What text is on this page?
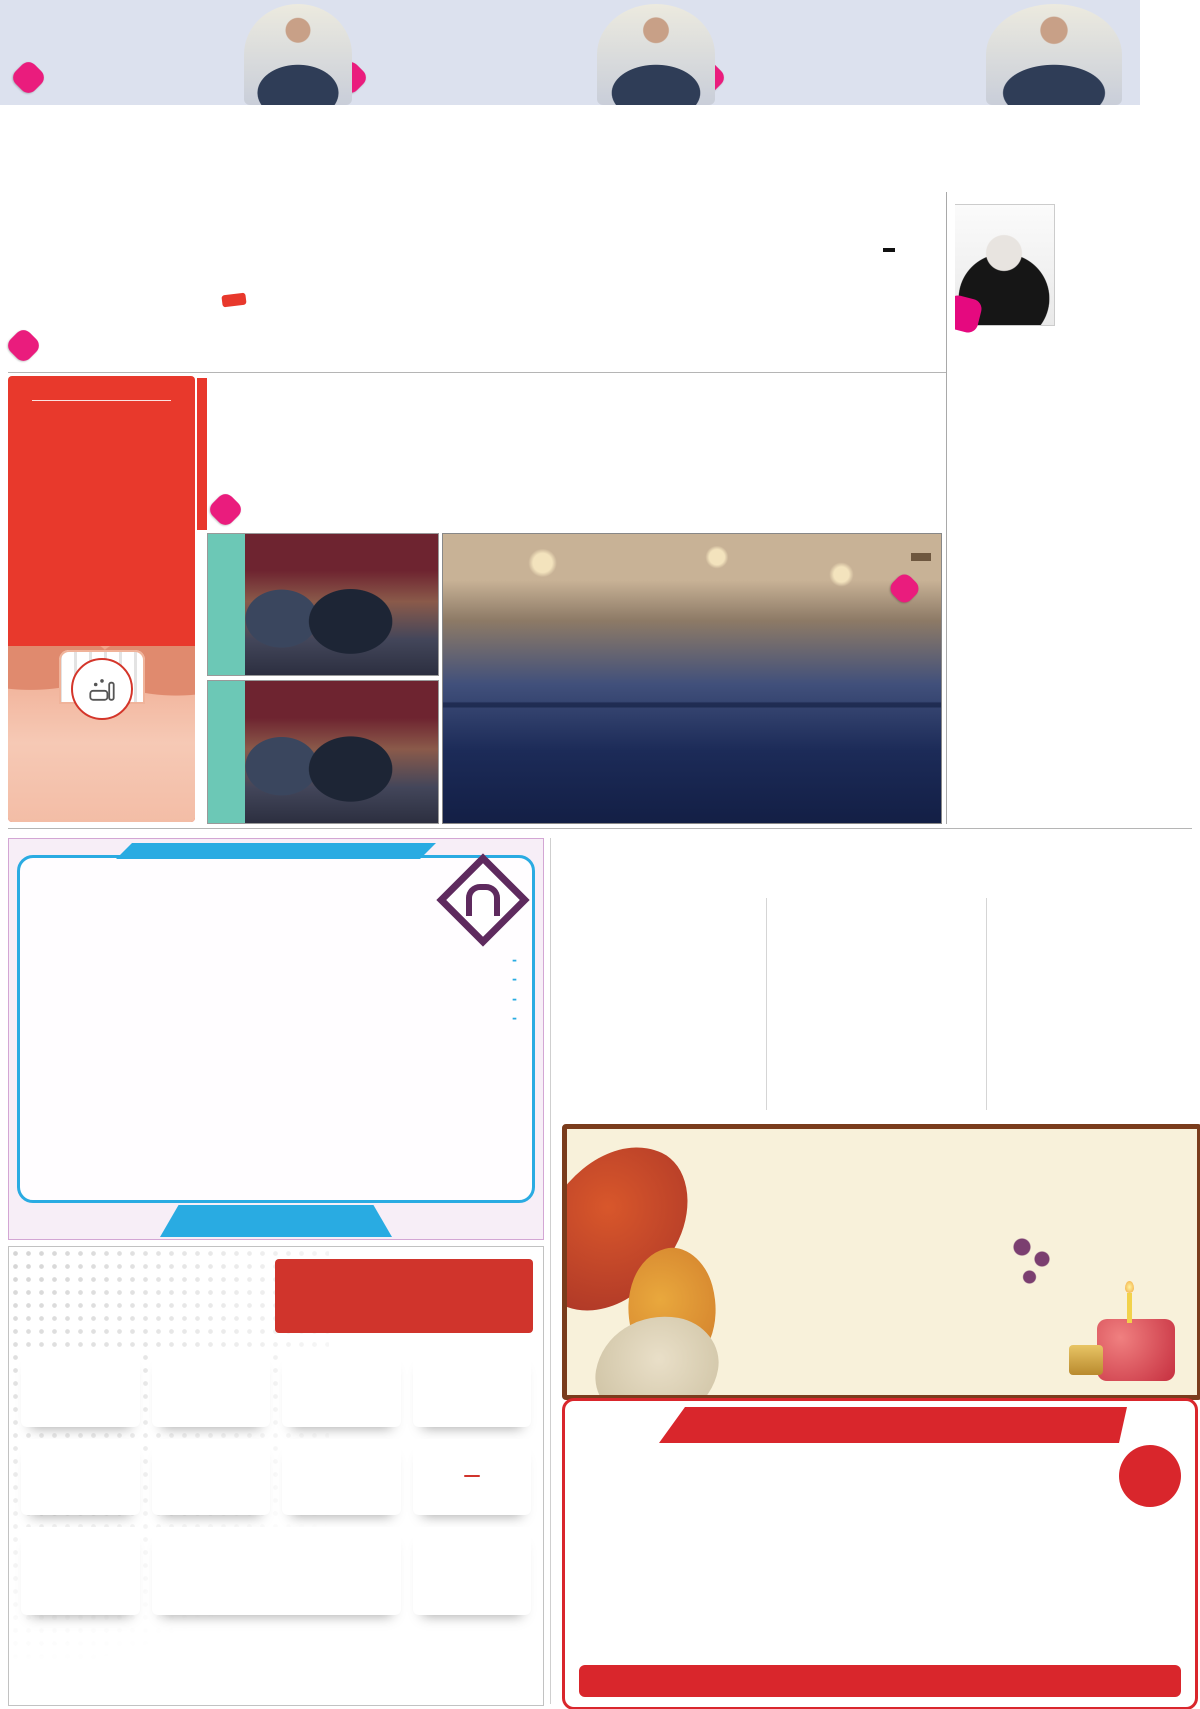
-
-
-
-
